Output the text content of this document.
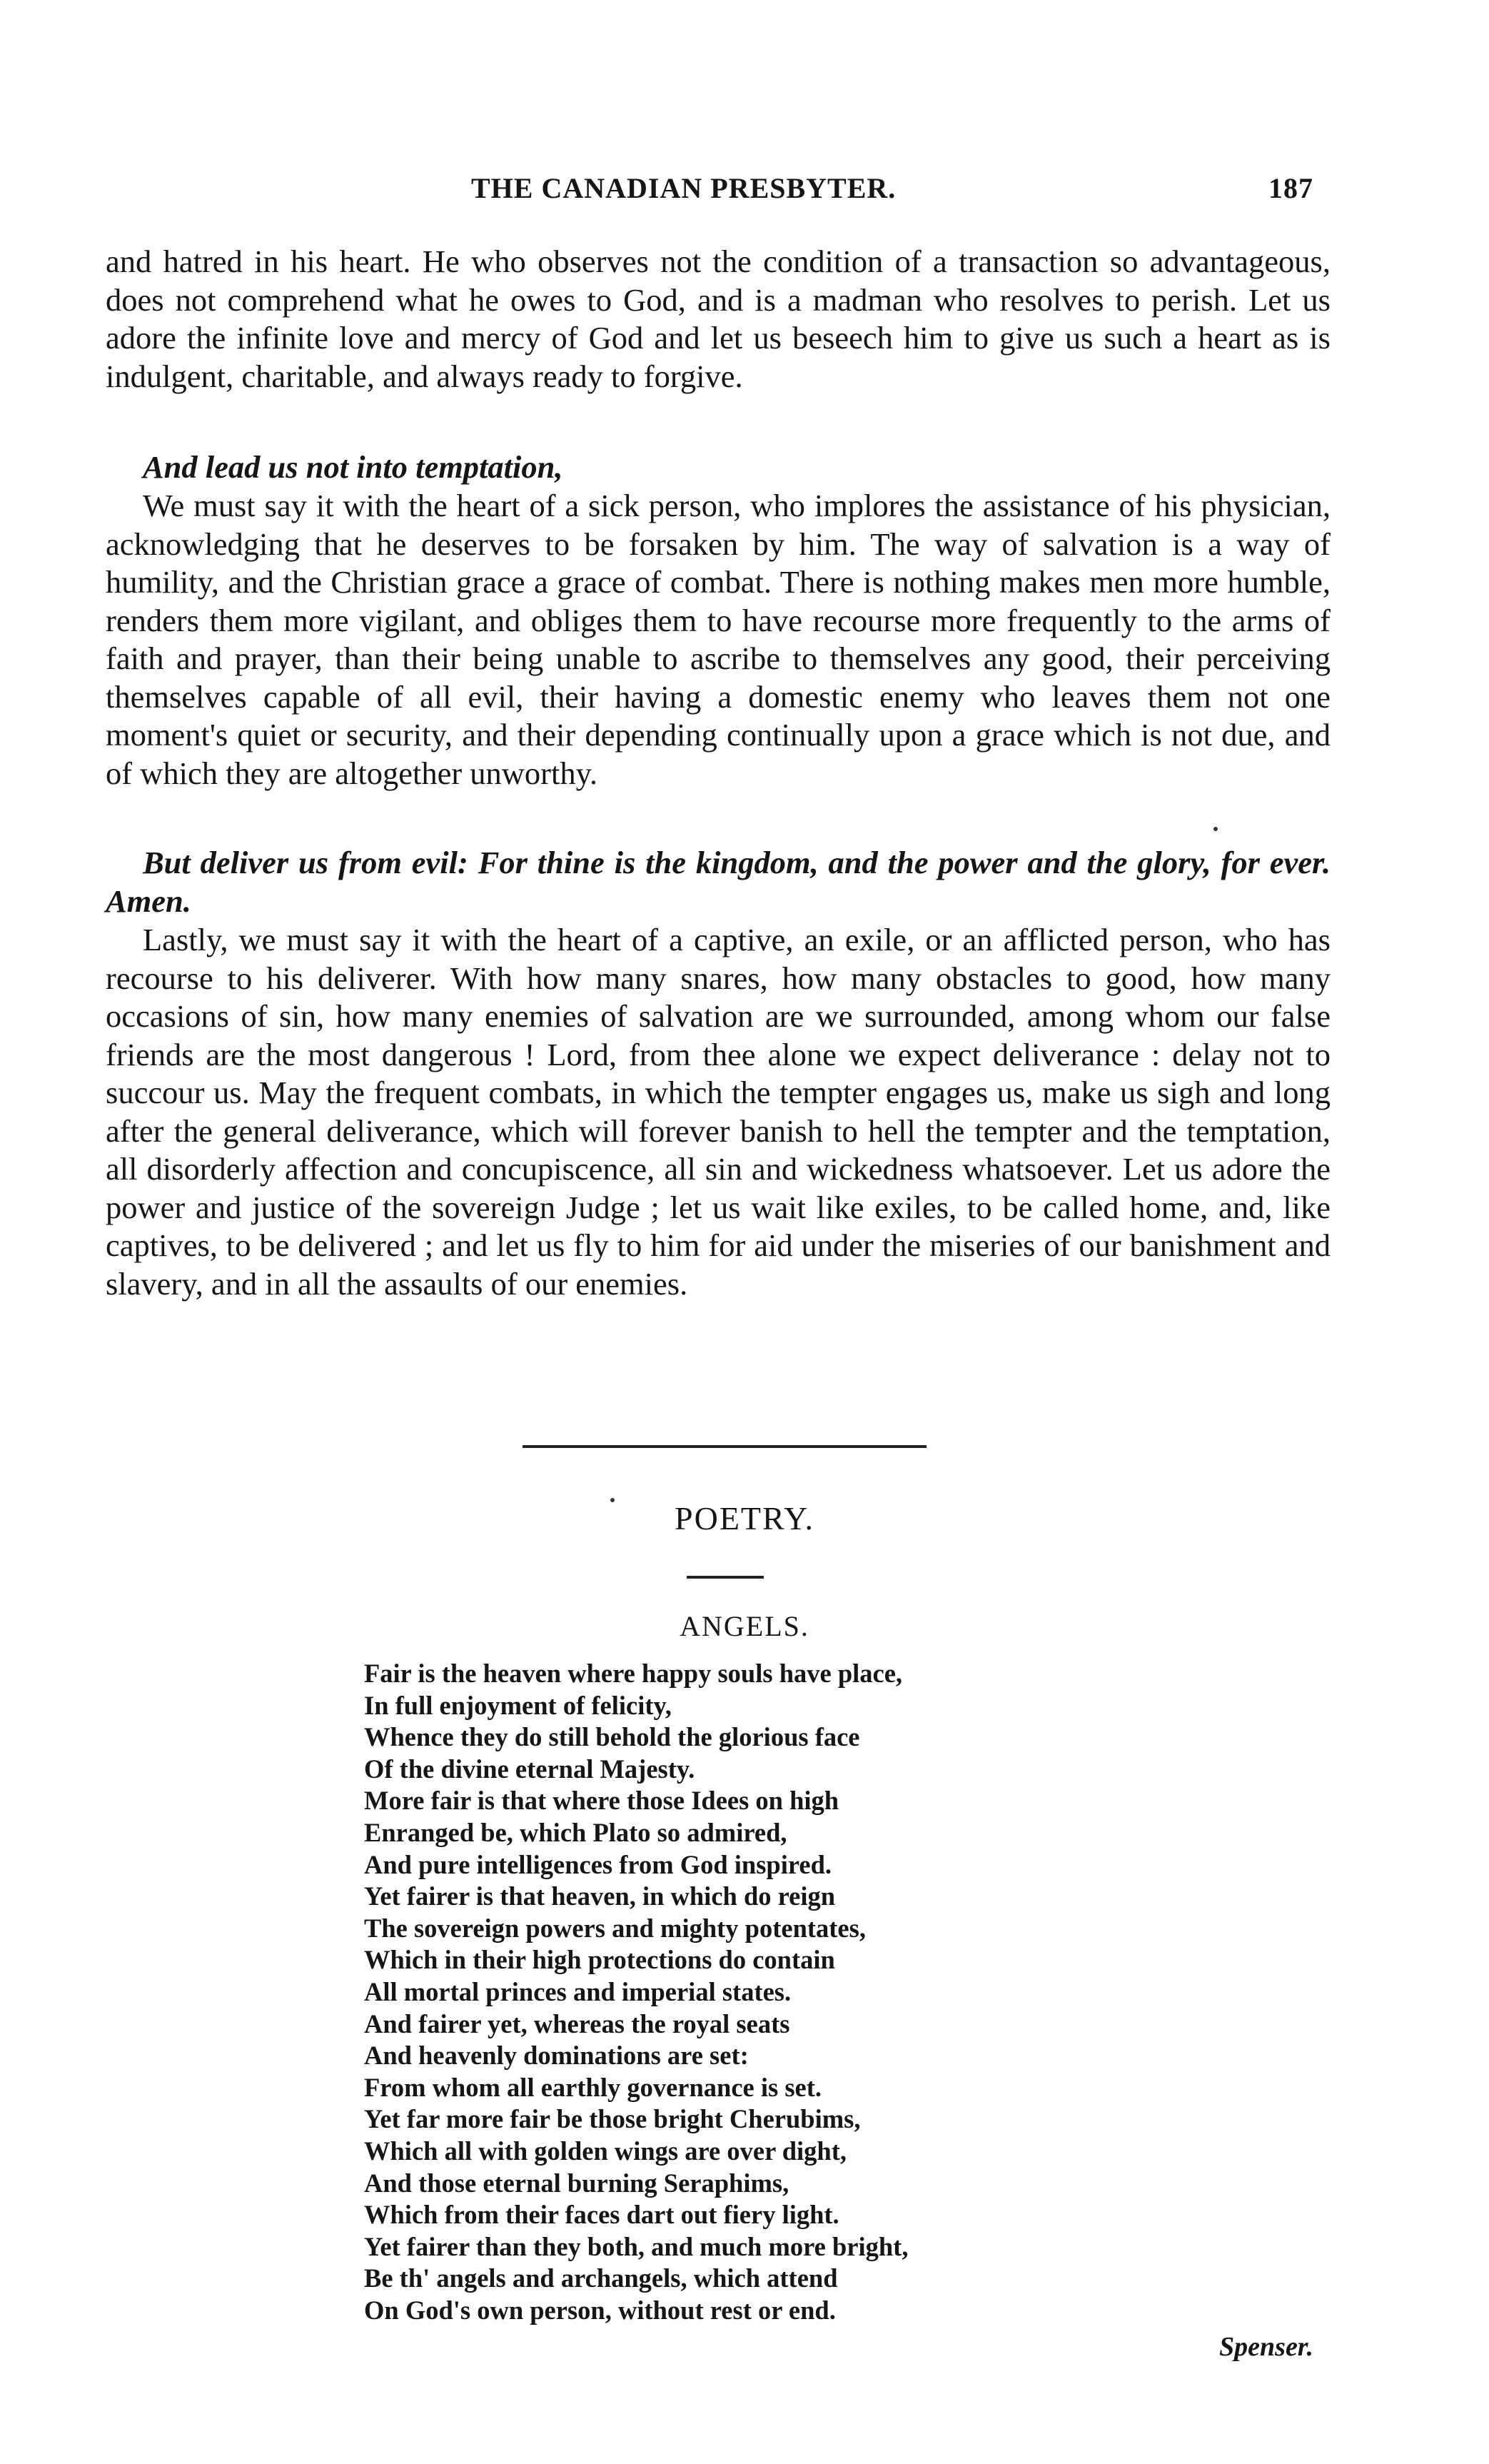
THE CANADIAN PRESBYTER.	187

and hatred in his heart. He who observes not the condition of a transaction so advantageous, does not comprehend what he owes to God, and is a madman who resolves to perish. Let us adore the infinite love and mercy of God and let us beseech him to give us such a heart as is indulgent, charitable, and always ready to forgive.

And lead us not into temptation,

We must say it with the heart of a sick person, who implores the assistance of his physician, acknowledging that he deserves to be forsaken by him. The way of salvation is a way of humility, and the Christian grace a grace of combat. There is nothing makes men more humble, renders them more vigilant, and obliges them to have recourse more frequently to the arms of faith and prayer, than their being unable to ascribe to themselves any good, their perceiving themselves capable of all evil, their having a domestic enemy who leaves them not one moment's quiet or security, and their depending continually upon a grace which is not due, and of which they are altogether unworthy.

But deliver us from evil: For thine is the kingdom, and the power and the glory, for ever. Amen.

Lastly, we must say it with the heart of a captive, an exile, or an afflicted person, who has recourse to his deliverer. With how many snares, how many obstacles to good, how many occasions of sin, how many enemies of salvation are we surrounded, among whom our false friends are the most dangerous ! Lord, from thee alone we expect deliverance : delay not to succour us. May the frequent combats, in which the tempter engages us, make us sigh and long after the general deliverance, which will forever banish to hell the tempter and the temptation, all disorderly affection and concupiscence, all sin and wickedness whatsoever. Let us adore the power and justice of the sovereign Judge ; let us wait like exiles, to be called home, and, like captives, to be delivered ; and let us fly to him for aid under the miseries of our banishment and slavery, and in all the assaults of our enemies.

POETRY.
ANGELS.
Fair is the heaven where happy souls have place,
In full enjoyment of felicity,
Whence they do still behold the glorious face
Of the divine eternal Majesty.
More fair is that where those Idees on high
Enranged be, which Plato so admired,
And pure intelligences from God inspired.
Yet fairer is that heaven, in which do reign
The sovereign powers and mighty potentates,
Which in their high protections do contain
All mortal princes and imperial states.
And fairer yet, whereas the royal seats
And heavenly dominations are set:
From whom all earthly governance is set.
Yet far more fair be those bright Cherubims,
Which all with golden wings are over dight,
And those eternal burning Seraphims,
Which from their faces dart out fiery light.
Yet fairer than they both, and much more bright,
Be th' angels and archangels, which attend
On God's own person, without rest or end.
Spenser.
